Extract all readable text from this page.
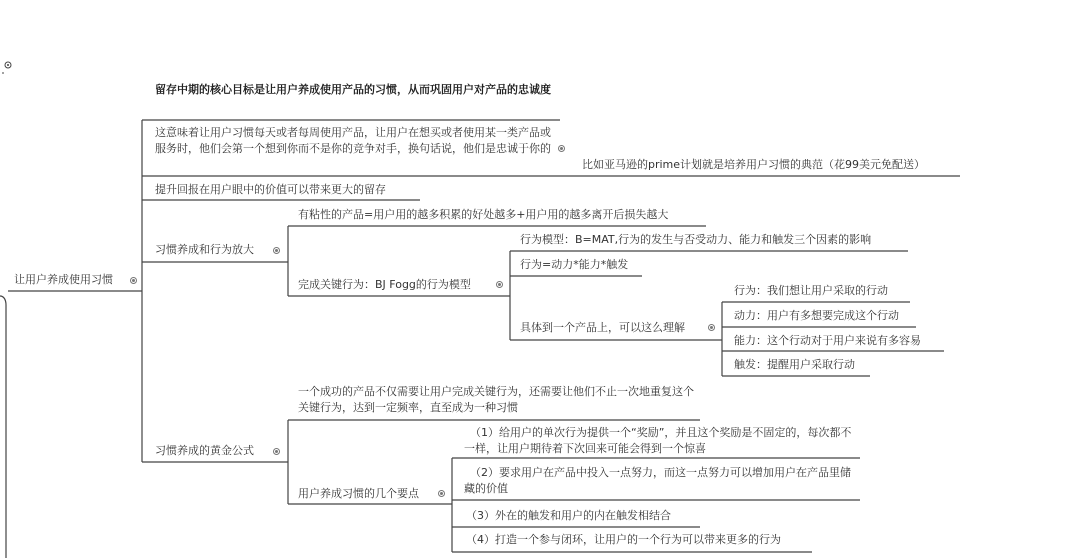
让用户养成使用习惯
留存中期的核心目标是让用户养成使用产品的习惯，从而巩固用户对产品的忠诚度
这意味着让用户习惯每天或者每周使用产品，让用户在想买或者使用某一类产品或服务时，他们会第一个想到你而不是你的竞争对手，换句话说，他们是忠诚于你的
比如亚马逊的prime计划就是培养用户习惯的典范（花99美元免配送）
提升回报在用户眼中的价值可以带来更大的留存
习惯养成和行为放大
习惯养成的黄金公式
有粘性的产品=用户用的越多积累的好处越多+用户用的越多离开后损失越大
完成关键行为：BJ Fogg的行为模型
行为模型：B=MAT,行为的发生与否受动力、能力和触发三个因素的影响
行为=动力*能力*触发
具体到一个产品上，可以这么理解
行为：我们想让用户采取的行动
动力：用户有多想要完成这个行动
能力：这个行动对于用户来说有多容易
触发：提醒用户采取行动
一个成功的产品不仅需要让用户完成关键行为，还需要让他们不止一次地重复这个关键行为，达到一定频率，直至成为一种习惯
用户养成习惯的几个要点
（1）给用户的单次行为提供一个“奖励”，并且这个奖励是不固定的，每次都不一样，让用户期待着下次回来可能会得到一个惊喜
（2）要求用户在产品中投入一点努力，而这一点努力可以增加用户在产品里储藏的价值
（3）外在的触发和用户的内在触发相结合
（4）打造一个参与闭环，让用户的一个行为可以带来更多的行为
